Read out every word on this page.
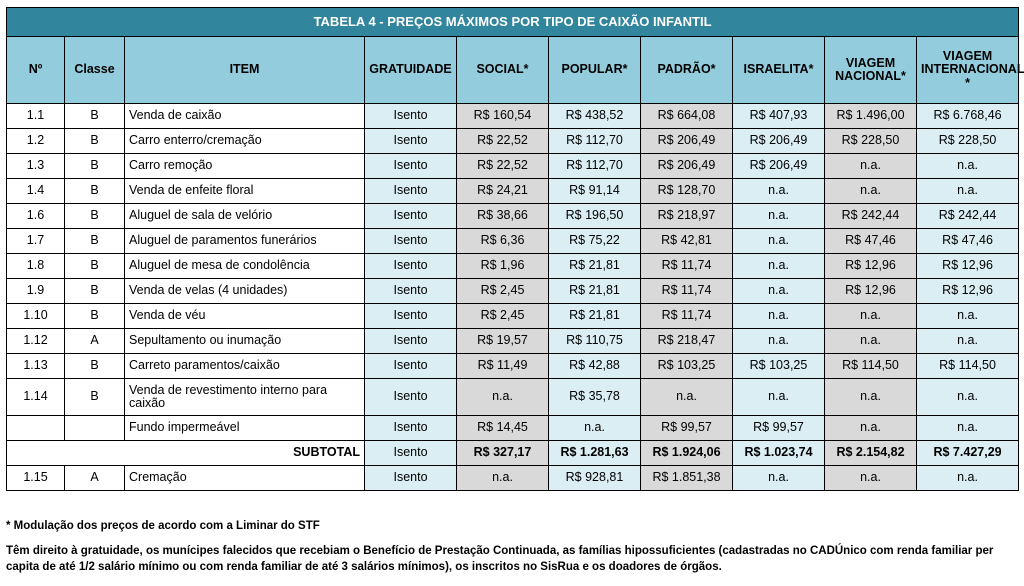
TABELA 4 - PREÇOS MÁXIMOS POR TIPO DE CAIXÃO INFANTIL									
Nº	Classe	ITEM	GRATUIDADE	SOCIAL*	POPULAR*	PADRÃO*	ISRAELITA*	VIAGEM NACIONAL*	VIAGEM INTERNACIONAL *
1.1	B	Venda de caixão	Isento	R$ 160,54	R$ 438,52	R$ 664,08	R$ 407,93	R$ 1.496,00	R$ 6.768,46
1.2	B	Carro enterro/cremação	Isento	R$ 22,52	R$ 112,70	R$ 206,49	R$ 206,49	R$ 228,50	R$ 228,50
1.3	B	Carro remoção	Isento	R$ 22,52	R$ 112,70	R$ 206,49	R$ 206,49	n.a.	n.a.
1.4	B	Venda de enfeite floral	Isento	R$ 24,21	R$ 91,14	R$ 128,70	n.a.	n.a.	n.a.
1.6	B	Aluguel de sala de velório	Isento	R$ 38,66	R$ 196,50	R$ 218,97	n.a.	R$ 242,44	R$ 242,44
1.7	B	Aluguel de paramentos funerários	Isento	R$ 6,36	R$ 75,22	R$ 42,81	n.a.	R$ 47,46	R$ 47,46
1.8	B	Aluguel de mesa de condolência	Isento	R$ 1,96	R$ 21,81	R$ 11,74	n.a.	R$ 12,96	R$ 12,96
1.9	B	Venda de velas (4 unidades)	Isento	R$ 2,45	R$ 21,81	R$ 11,74	n.a.	R$ 12,96	R$ 12,96
1.10	B	Venda de véu	Isento	R$ 2,45	R$ 21,81	R$ 11,74	n.a.	n.a.	n.a.
1.12	A	Sepultamento ou inumação	Isento	R$ 19,57	R$ 110,75	R$ 218,47	n.a.	n.a.	n.a.
1.13	B	Carreto paramentos/caixão	Isento	R$ 11,49	R$ 42,88	R$ 103,25	R$ 103,25	R$ 114,50	R$ 114,50
1.14	B	Venda de revestimento interno para caixão	Isento	n.a.	R$ 35,78	n.a.	n.a.	n.a.	n.a.
		Fundo impermeável	Isento	R$ 14,45	n.a.	R$ 99,57	R$ 99,57	n.a.	n.a.
SUBTOTAL			Isento	R$ 327,17	R$ 1.281,63	R$ 1.924,06	R$ 1.023,74	R$ 2.154,82	R$ 7.427,29
1.15	A	Cremação	Isento	n.a.	R$ 928,81	R$ 1.851,38	n.a.	n.a.	n.a.

* Modulação dos preços de acordo com a Liminar do STF

Têm direito à gratuidade, os munícipes falecidos que recebiam o Benefício de Prestação Continuada, as famílias hipossuficientes (cadastradas no CADÚnico com renda familiar per capita de até 1/2 salário mínimo ou com renda familiar de até 3 salários mínimos), os inscritos no SisRua e os doadores de órgãos.
